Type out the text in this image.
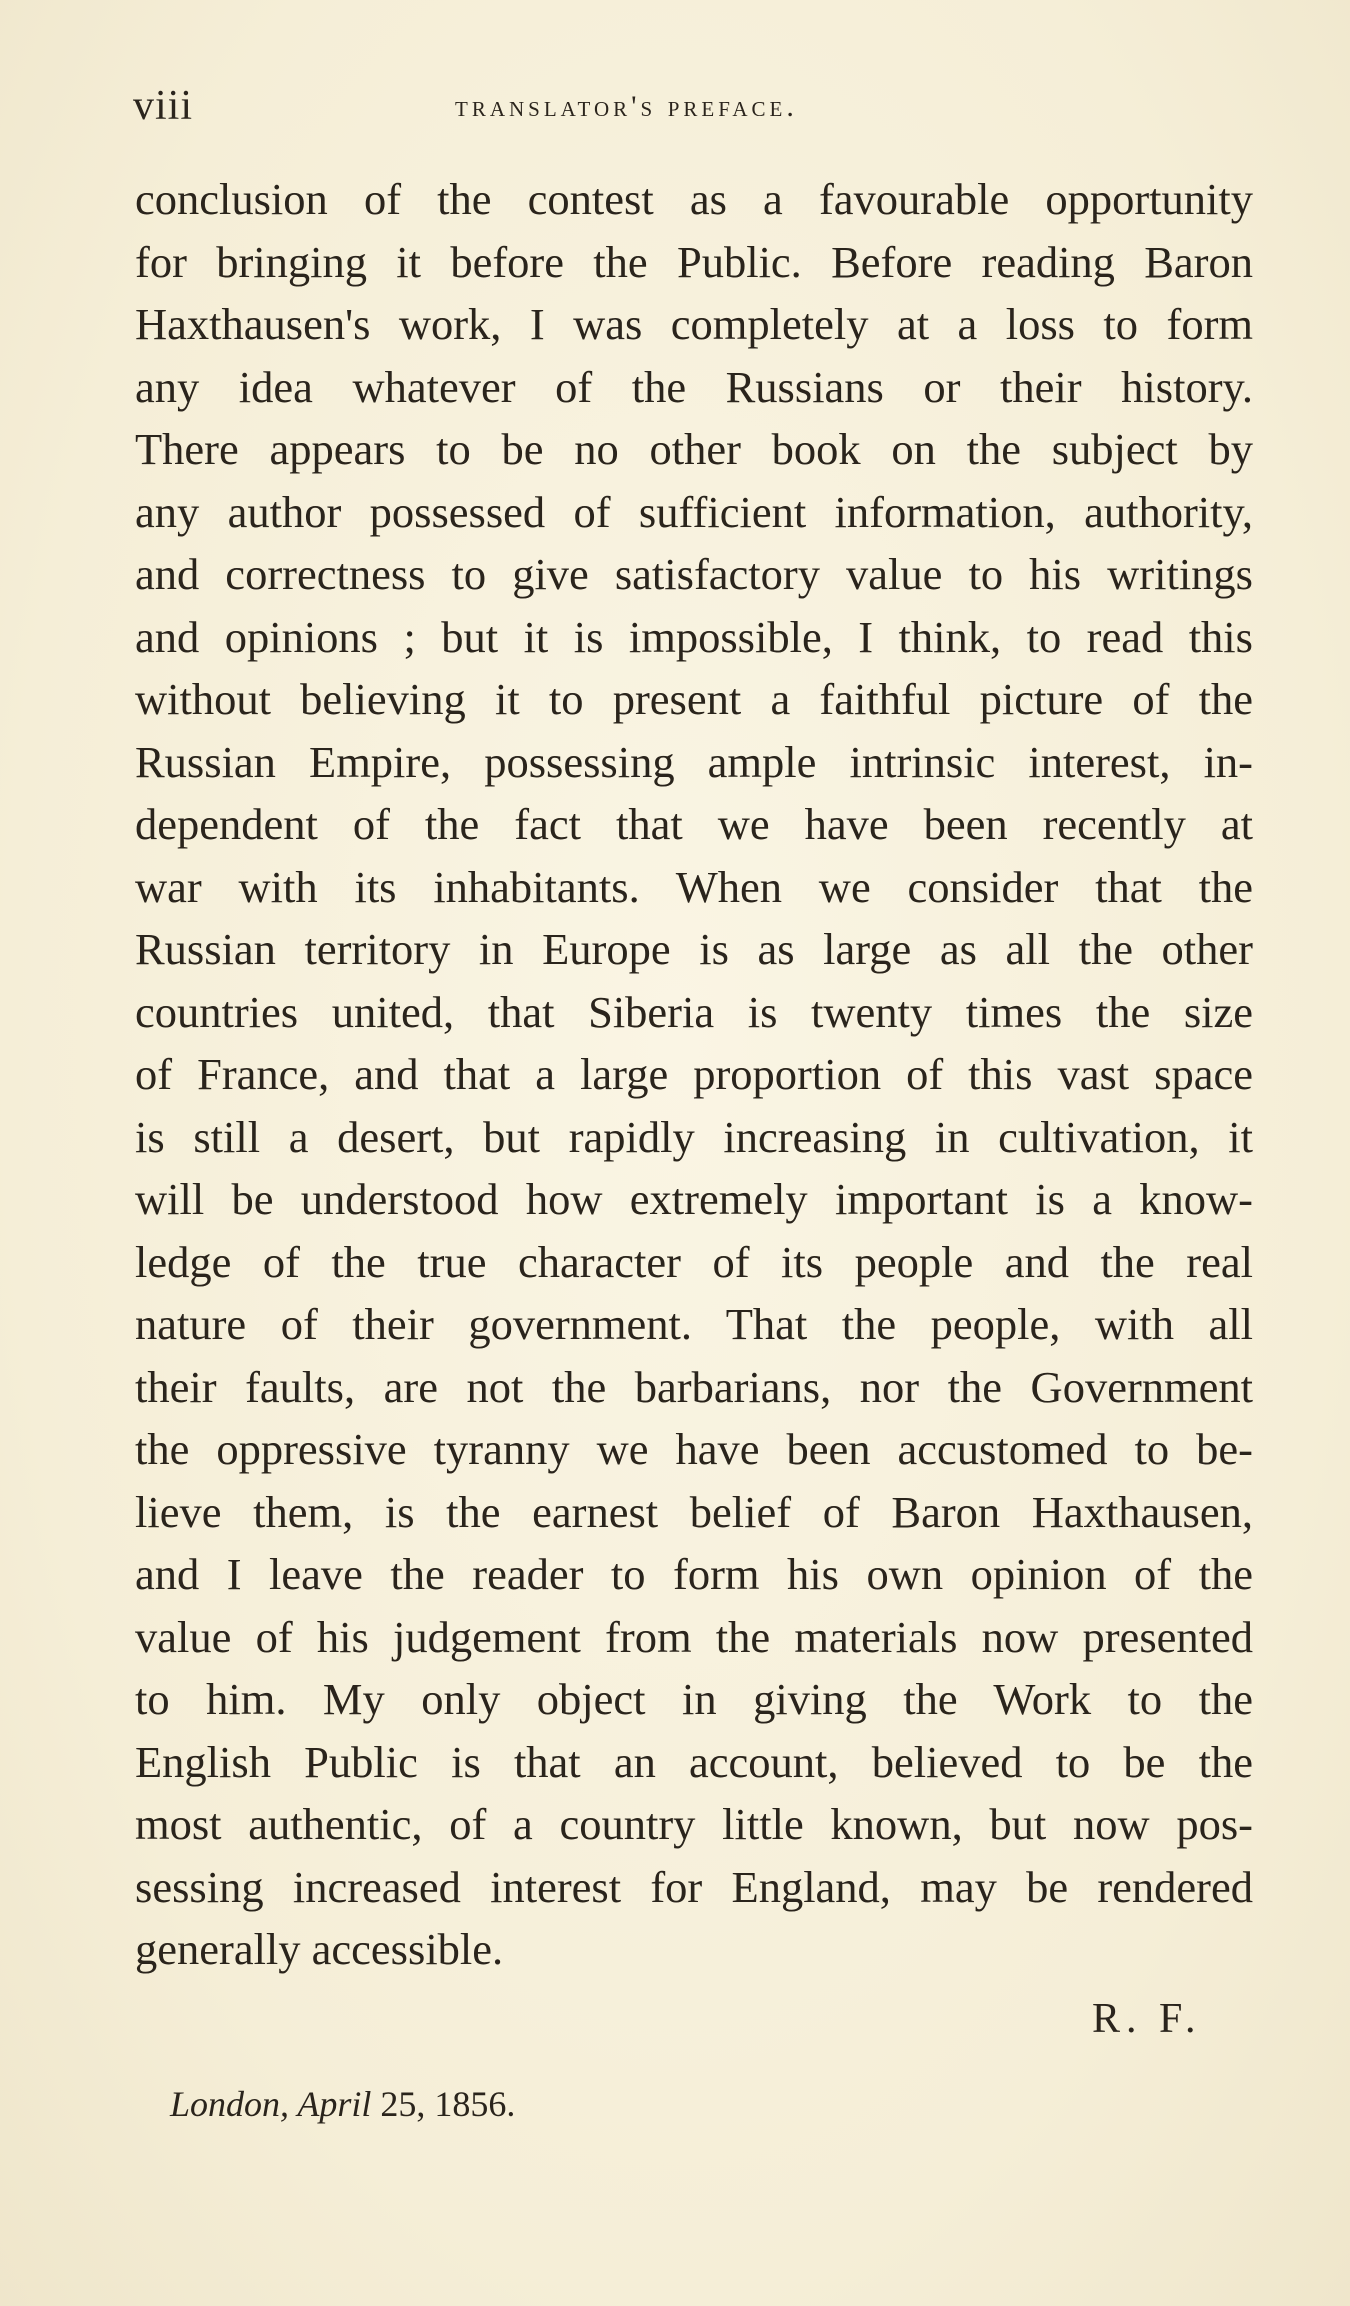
viii	translator's preface.
conclusion of the contest as a favourable opportunity
for bringing it before the Public. Before reading Baron
Haxthausen's work, I was completely at a loss to form
any idea whatever of the Russians or their history.
There appears to be no other book on the subject by
any author possessed of sufficient information, authority,
and correctness to give satisfactory value to his writings
and opinions ; but it is impossible, I think, to read this
without believing it to present a faithful picture of the
Russian Empire, possessing ample intrinsic interest, in-
dependent of the fact that we have been recently at
war with its inhabitants. When we consider that the
Russian territory in Europe is as large as all the other
countries united, that Siberia is twenty times the size
of France, and that a large proportion of this vast space
is still a desert, but rapidly increasing in cultivation, it
will be understood how extremely important is a know-
ledge of the true character of its people and the real
nature of their government. That the people, with all
their faults, are not the barbarians, nor the Government
the oppressive tyranny we have been accustomed to be-
lieve them, is the earnest belief of Baron Haxthausen,
and I leave the reader to form his own opinion of the
value of his judgement from the materials now presented
to him. My only object in giving the Work to the
English Public is that an account, believed to be the
most authentic, of a country little known, but now pos-
sessing increased interest for England, may be rendered
generally accessible.
R. F.
London, April 25, 1856.
